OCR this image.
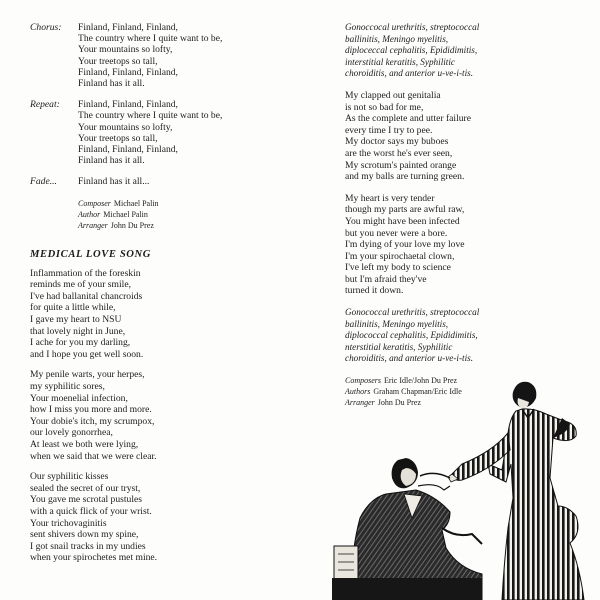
Chorus:	Finland, Finland, Finland,
The country where I quite want to be,
Your mountains so lofty,
Your treetops so tall,
Finland, Finland, Finland,
Finland has it all.
Repeat:	Finland, Finland, Finland,
The country where I quite want to be,
Your mountains so lofty,
Your treetops so tall,
Finland, Finland, Finland,
Finland has it all.
Fade...	Finland has it all...
Composer Michael Palin
Author Michael Palin
Arranger John Du Prez
MEDICAL LOVE SONG
Inflammation of the foreskin
reminds me of your smile,
I've had ballanital chancroids
for quite a little while,
I gave my heart to NSU
that lovely night in June,
I ache for you my darling,
and I hope you get well soon.
My penile warts, your herpes,
my syphilitic sores,
Your moenelial infection,
how I miss you more and more.
Your dobie's itch, my scrumpox,
our lovely gonorrhea,
At least we both were lying,
when we said that we were clear.
Our syphilitic kisses
sealed the secret of our tryst,
You gave me scrotal pustules
with a quick flick of your wrist.
Your trichovaginitis
sent shivers down my spine,
I got snail tracks in my undies
when your spirochetes met mine.
Gonoccocal urethritis, streptococcal
ballinitis, Meningo myelitis,
diploceccal cephalitis, Epididimitis,
interstitial keratitis, Syphilitic
choroiditis, and anterior u-ve-i-tis.
My clapped out genitalia
is not so bad for me,
As the complete and utter failure
every time I try to pee.
My doctor says my buboes
are the worst he's ever seen,
My scrotum's painted orange
and my balls are turning green.
My heart is very tender
though my parts are awful raw,
You might have been infected
but you never were a bore.
I'm dying of your love my love
I'm your spirochaetal clown,
I've left my body to science
but I'm afraid they've
turned it down.
Gonococcal urethritis, streptococcal
ballinitis, Meningo myelitis,
diplococcal cephalitis, Epididimitis,
nterstitial keratitis, Syphilitic
choroiditis, and anterior u-ve-i-tis.
Composers Eric Idle/John Du Prez
Authors Graham Chapman/Eric Idle
Arranger John Du Prez
